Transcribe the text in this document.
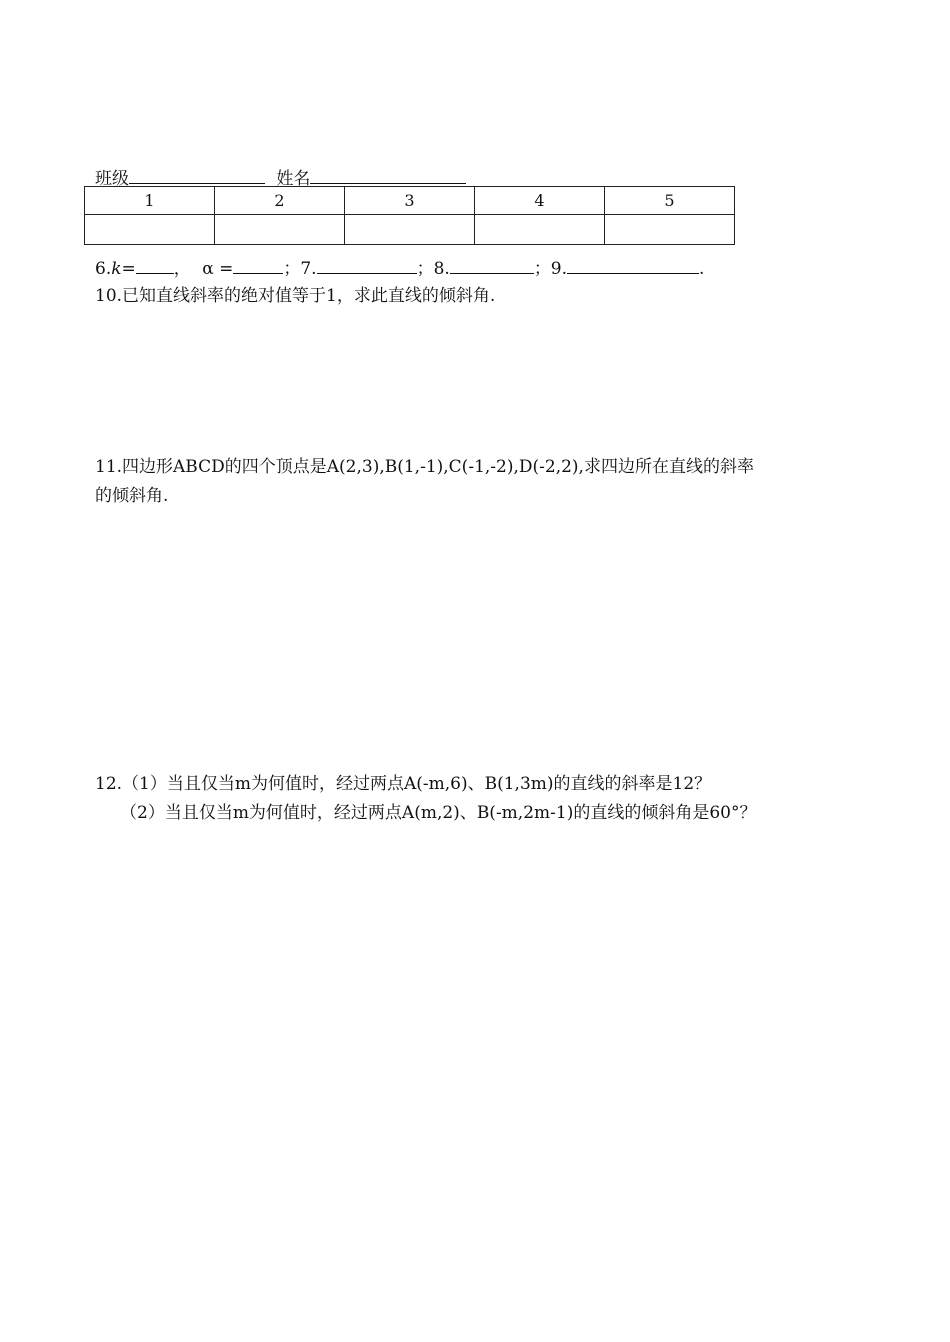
班级	姓名
1	2	3	4	5

6.k= ， α =	；7.	；8.	；9.	.
10.已知直线斜率的绝对值等于1，求此直线的倾斜角.
11.四边形ABCD的四个顶点是A(2,3),B(1,-1),C(-1,-2),D(-2,2),求四边所在直线的斜率
的倾斜角.
12.（1）当且仅当m为何值时，经过两点A(-m,6)、B(1,3m)的直线的斜率是12？
（2）当且仅当m为何值时，经过两点A(m,2)、B(-m,2m-1)的直线的倾斜角是60°？
